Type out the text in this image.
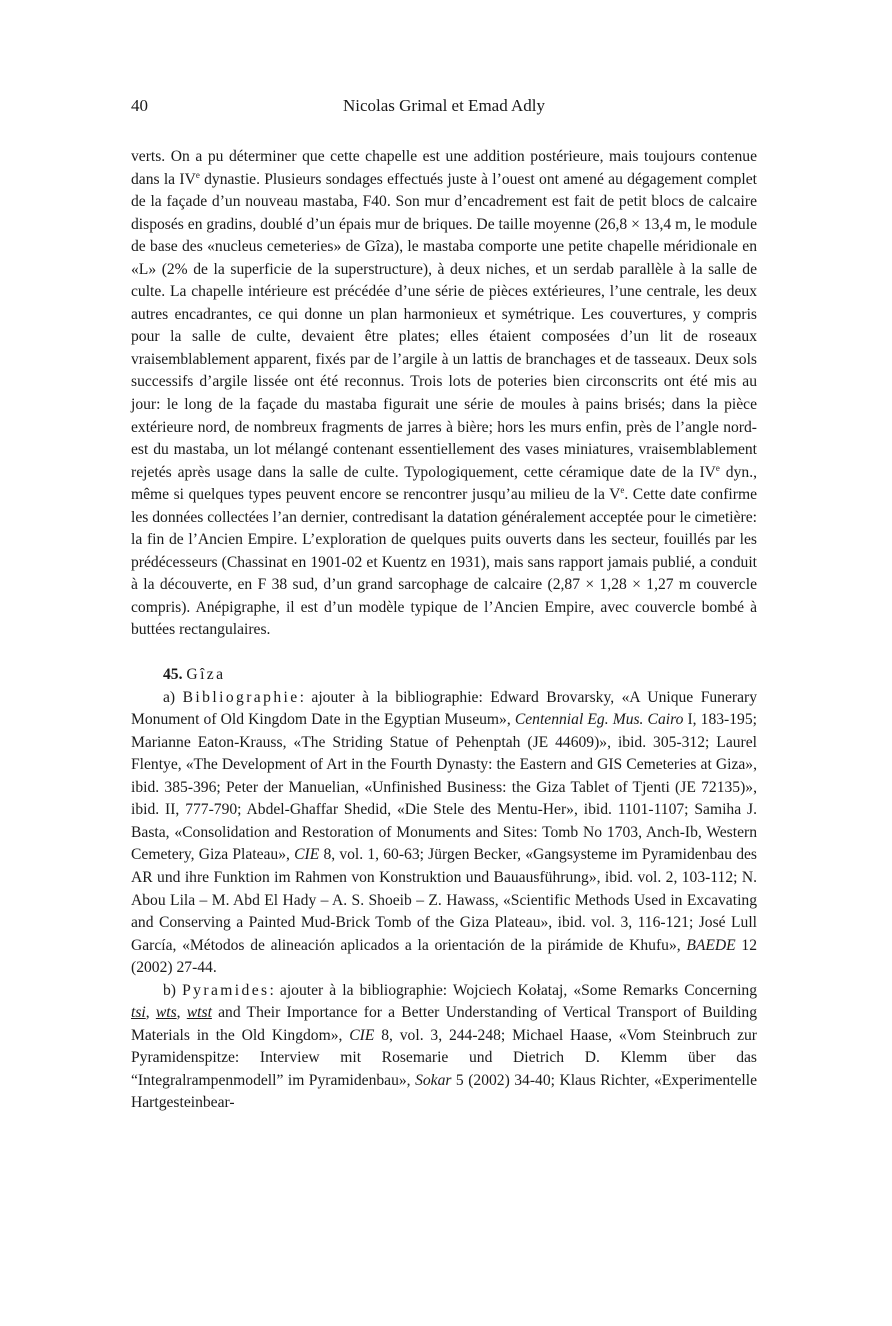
40	Nicolas Grimal et Emad Adly

verts. On a pu déterminer que cette chapelle est une addition postérieure, mais toujours contenue dans la IVe dynastie. Plusieurs sondages effectués juste à l’ouest ont amené au dégagement complet de la façade d’un nouveau mastaba, F40. Son mur d’encadrement est fait de petit blocs de calcaire disposés en gradins, doublé d’un épais mur de briques. De taille moyenne (26,8 × 13,4 m, le module de base des «nucleus cemeteries» de Gîza), le mastaba comporte une petite chapelle méridionale en «L» (2% de la superficie de la superstructure), à deux niches, et un serdab parallèle à la salle de culte. La chapelle intérieure est précédée d’une série de pièces extérieures, l’une centrale, les deux autres encadrantes, ce qui donne un plan harmonieux et symétrique. Les couvertures, y compris pour la salle de culte, devaient être plates; elles étaient composées d’un lit de roseaux vraisemblablement apparent, fixés par de l’argile à un lattis de branchages et de tasseaux. Deux sols successifs d’argile lissée ont été reconnus. Trois lots de poteries bien circonscrits ont été mis au jour: le long de la façade du mastaba figurait une série de moules à pains brisés; dans la pièce extérieure nord, de nombreux fragments de jarres à bière; hors les murs enfin, près de l’angle nord-est du mastaba, un lot mélangé contenant essentiellement des vases miniatures, vraisemblablement rejetés après usage dans la salle de culte. Typologiquement, cette céramique date de la IVe dyn., même si quelques types peuvent encore se rencontrer jusqu’au milieu de la Ve. Cette date confirme les données collectées l’an dernier, contredisant la datation généralement acceptée pour le cimetière: la fin de l’Ancien Empire. L’exploration de quelques puits ouverts dans les secteur, fouillés par les prédécesseurs (Chassinat en 1901-02 et Kuentz en 1931), mais sans rapport jamais publié, a conduit à la découverte, en F 38 sud, d’un grand sarcophage de calcaire (2,87 × 1,28 × 1,27 m couvercle compris). Anépigraphe, il est d’un modèle typique de l’Ancien Empire, avec couvercle bombé à buttées rectangulaires.

45. Gîza

a) Bibliographie: ajouter à la bibliographie: Edward Brovarsky, «A Unique Funerary Monument of Old Kingdom Date in the Egyptian Museum», Centennial Eg. Mus. Cairo I, 183-195; Marianne Eaton-Krauss, «The Striding Statue of Pehenptah (JE 44609)», ibid. 305-312; Laurel Flentye, «The Development of Art in the Fourth Dynasty: the Eastern and GIS Cemeteries at Giza», ibid. 385-396; Peter der Manuelian, «Unfinished Business: the Giza Tablet of Tjenti (JE 72135)», ibid. II, 777-790; Abdel-Ghaffar Shedid, «Die Stele des Mentu-Her», ibid. 1101-1107; Samiha J. Basta, «Consolidation and Restoration of Monuments and Sites: Tomb No 1703, Anch-Ib, Western Cemetery, Giza Plateau», CIE 8, vol. 1, 60-63; Jürgen Becker, «Gangsysteme im Pyramidenbau des AR und ihre Funktion im Rahmen von Konstruktion und Bauausführung», ibid. vol. 2, 103-112; N. Abou Lila – M. Abd El Hady – A. S. Shoeib – Z. Hawass, «Scientific Methods Used in Excavating and Conserving a Painted Mud-Brick Tomb of the Giza Plateau», ibid. vol. 3, 116-121; José Lull García, «Métodos de alineación aplicados a la orientación de la pirámide de Khufu», BAEDE 12 (2002) 27-44.

b) Pyramides: ajouter à la bibliographie: Wojciech Kołataj, «Some Remarks Concerning tsi, wts, wtst and Their Importance for a Better Understanding of Vertical Transport of Building Materials in the Old Kingdom», CIE 8, vol. 3, 244-248; Michael Haase, «Vom Steinbruch zur Pyramidenspitze: Interview mit Rosemarie und Dietrich D. Klemm über das “Integralrampenmodell” im Pyramidenbau», Sokar 5 (2002) 34-40; Klaus Richter, «Experimentelle Hartgesteinbear-
